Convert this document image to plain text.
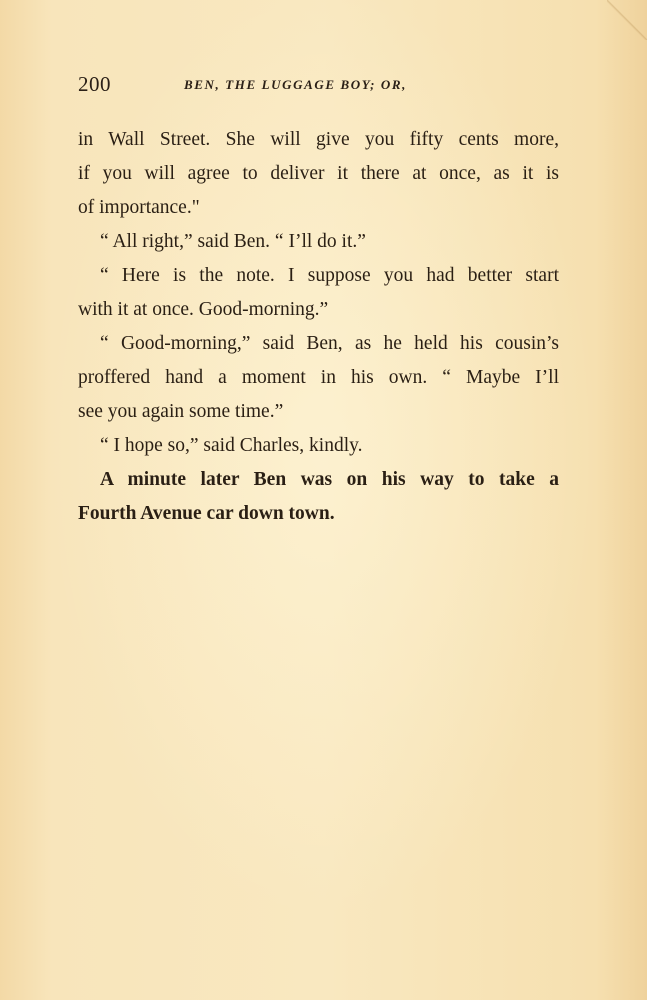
200	BEN, THE LUGGAGE BOY; OR,
in Wall Street. She will give you fifty cents more,
if you will agree to deliver it there at once, as it is
of importance."
“ All right,” said Ben. “ I’ll do it.”
“ Here is the note. I suppose you had better start
with it at once. Good-morning.”
“ Good-morning,” said Ben, as he held his cousin’s
proffered hand a moment in his own. “ Maybe I’ll
see you again some time.”
“ I hope so,” said Charles, kindly.
A minute later Ben was on his way to take a
Fourth Avenue car down town.
